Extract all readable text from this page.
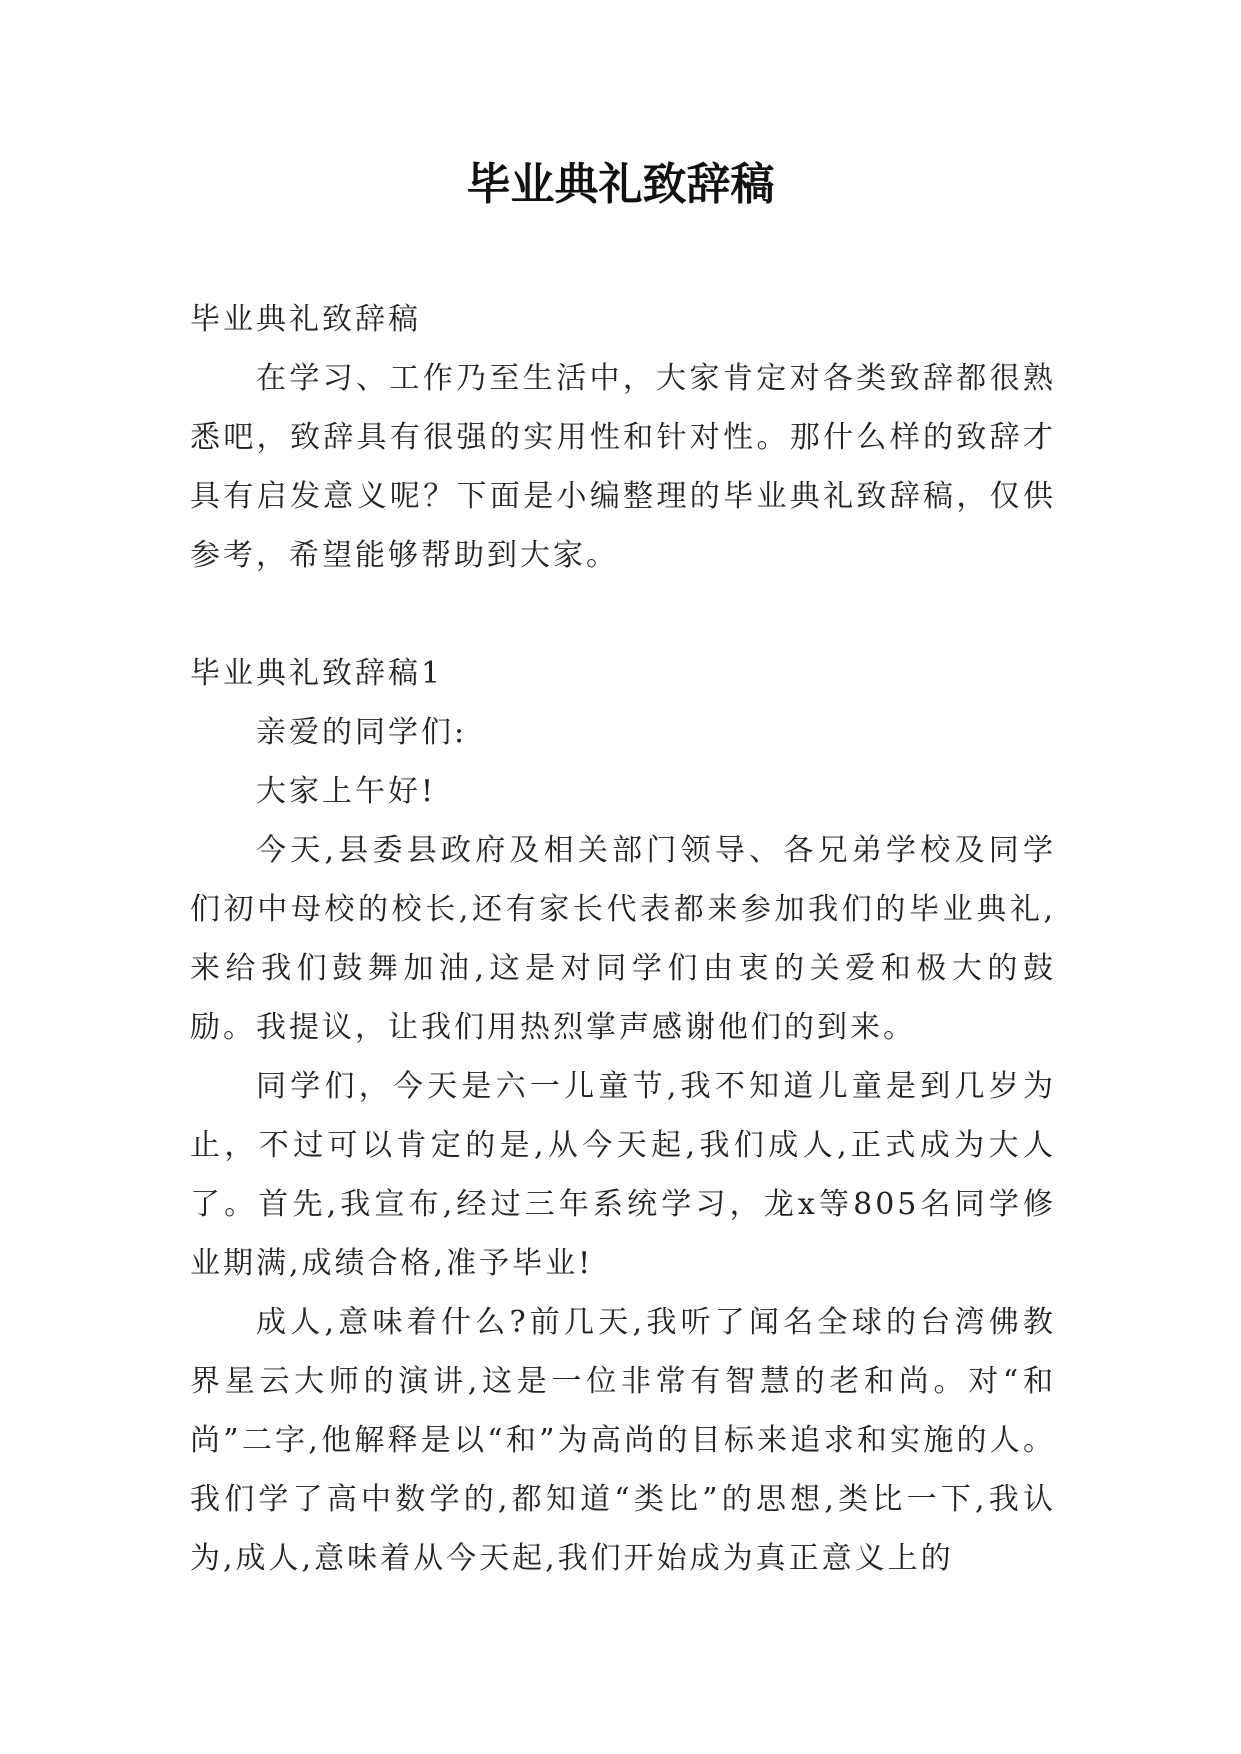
毕业典礼致辞稿

毕业典礼致辞稿

在学习、工作乃至生活中，大家肯定对各类致辞都很熟悉吧，致辞具有很强的实用性和针对性。那什么样的致辞才具有启发意义呢？下面是小编整理的毕业典礼致辞稿，仅供参考，希望能够帮助到大家。

毕业典礼致辞稿1

亲爱的同学们:

大家上午好!

今天,县委县政府及相关部门领导、各兄弟学校及同学们初中母校的校长,还有家长代表都来参加我们的毕业典礼,来给我们鼓舞加油,这是对同学们由衷的关爱和极大的鼓励。我提议，让我们用热烈掌声感谢他们的到来。

同学们，今天是六一儿童节,我不知道儿童是到几岁为止，不过可以肯定的是,从今天起,我们成人,正式成为大人了。首先,我宣布,经过三年系统学习，龙x等805名同学修业期满,成绩合格,准予毕业!

成人,意味着什么?前几天,我听了闻名全球的台湾佛教界星云大师的演讲,这是一位非常有智慧的老和尚。对“和尚”二字,他解释是以“和”为高尚的目标来追求和实施的人。我们学了高中数学的,都知道“类比”的思想,类比一下,我认为,成人,意味着从今天起,我们开始成为真正意义上的
